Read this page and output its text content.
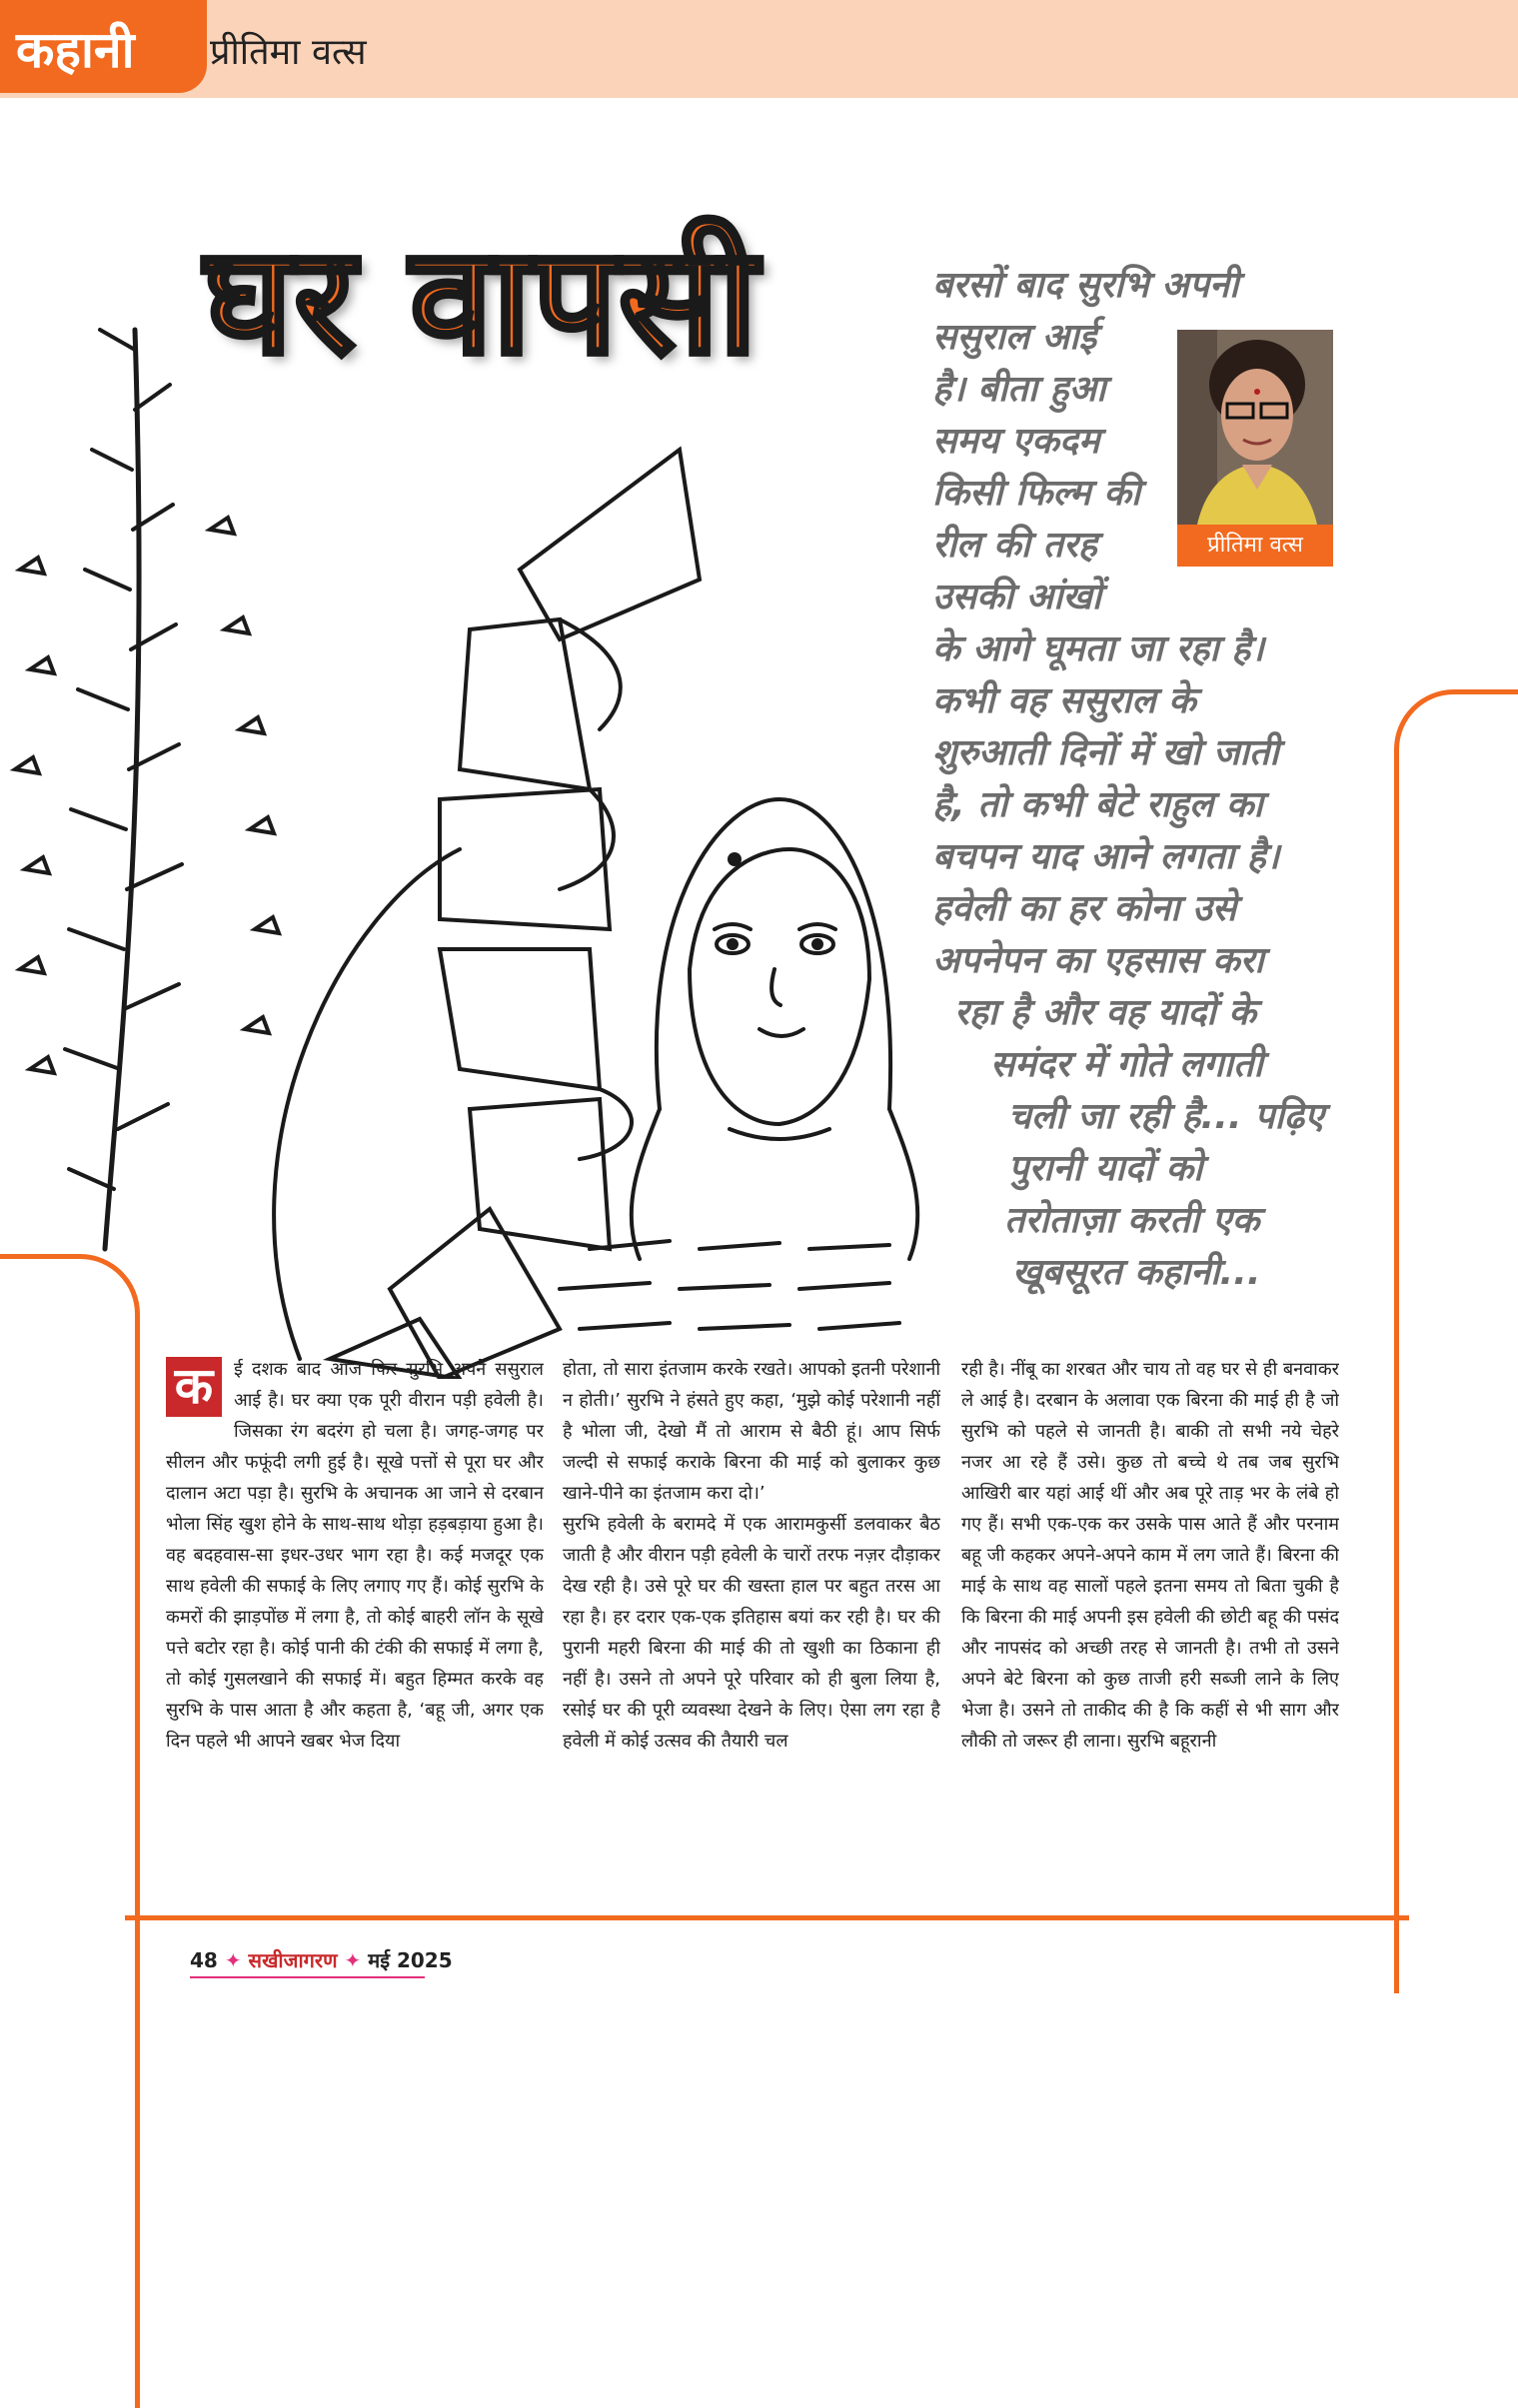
कहानी प्रीतिमा वत्स
घर वापसी	बरसों बाद सुरभि अपनी
ससुराल आई
है। बीता हुआ
समय एकदम
किसी फिल्म की
रील की तरह
उसकी आंखों
के आगे घूमता जा रहा है।
कभी वह ससुराल के
शुरुआती दिनों में खो जाती
है, तो कभी बेटे राहुल का
बचपन याद आने लगता है।
हवेली का हर कोना उसे
अपनेपन का एहसास करा
रहा है और वह यादों के
समंदर में गोते लगाती
चली जा रही है... पढ़िए
पुरानी यादों को
तरोताज़ा करती एक
खूबसूरत कहानी...
प्रीतिमा वत्स

क	ई दशक बाद आज फिर सुरभि अपने ससुराल आई है। घर क्या एक पूरी वीरान पड़ी हवेली है। जिसका रंग बदरंग हो चला है। जगह-जगह पर सीलन और फफूंदी लगी हुई है। सूखे पत्तों से पूरा घर और दालान अटा पड़ा है। सुरभि के अचानक आ जाने से दरबान भोला सिंह खुश होने के साथ-साथ थोड़ा हड़बड़ाया हुआ है। वह बदहवास-सा इधर-उधर भाग रहा है। कई मजदूर एक साथ हवेली की सफाई के लिए लगाए गए हैं। कोई सुरभि के कमरों की झाड़पोंछ में लगा है, तो कोई बाहरी लॉन के सूखे पत्ते बटोर रहा है। कोई पानी की टंकी की सफाई में लगा है, तो कोई गुसलखाने की सफाई में। बहुत हिम्मत करके वह सुरभि के पास आता है और कहता है, ‘बहू जी, अगर एक दिन पहले भी आपने खबर भेज दिया

होता, तो सारा इंतजाम करके रखते। आपको इतनी परेशानी न होती।’ सुरभि ने हंसते हुए कहा, ‘मुझे कोई परेशानी नहीं है भोला जी, देखो मैं तो आराम से बैठी हूं। आप सिर्फ जल्दी से सफाई कराके बिरना की माई को बुलाकर कुछ खाने-पीने का इंतजाम करा दो।’

सुरभि हवेली के बरामदे में एक आरामकुर्सी डलवाकर बैठ जाती है और वीरान पड़ी हवेली के चारों तरफ नज़र दौड़ाकर देख रही है। उसे पूरे घर की खस्ता हाल पर बहुत तरस आ रहा है। हर दरार एक-एक इतिहास बयां कर रही है। घर की पुरानी महरी बिरना की माई की तो खुशी का ठिकाना ही नहीं है। उसने तो अपने पूरे परिवार को ही बुला लिया है, रसोई घर की पूरी व्यवस्था देखने के लिए। ऐसा लग रहा है हवेली में कोई उत्सव की तैयारी चल

रही है। नींबू का शरबत और चाय तो वह घर से ही बनवाकर ले आई है। दरबान के अलावा एक बिरना की माई ही है जो सुरभि को पहले से जानती है। बाकी तो सभी नये चेहरे नजर आ रहे हैं उसे। कुछ तो बच्चे थे तब जब सुरभि आखिरी बार यहां आई थीं और अब पूरे ताड़ भर के लंबे हो गए हैं। सभी एक-एक कर उसके पास आते हैं और परनाम बहू जी कहकर अपने-अपने काम में लग जाते हैं। बिरना की माई के साथ वह सालों पहले इतना समय तो बिता चुकी है कि बिरना की माई अपनी इस हवेली की छोटी बहू की पसंद और नापसंद को अच्छी तरह से जानती है। तभी तो उसने अपने बेटे बिरना को कुछ ताजी हरी सब्जी लाने के लिए भेजा है। उसने तो ताकीद की है कि कहीं से भी साग और लौकी तो जरूर ही लाना। सुरभि बहूरानी

48 ✦ सखीजागरण ✦ मई 2025
